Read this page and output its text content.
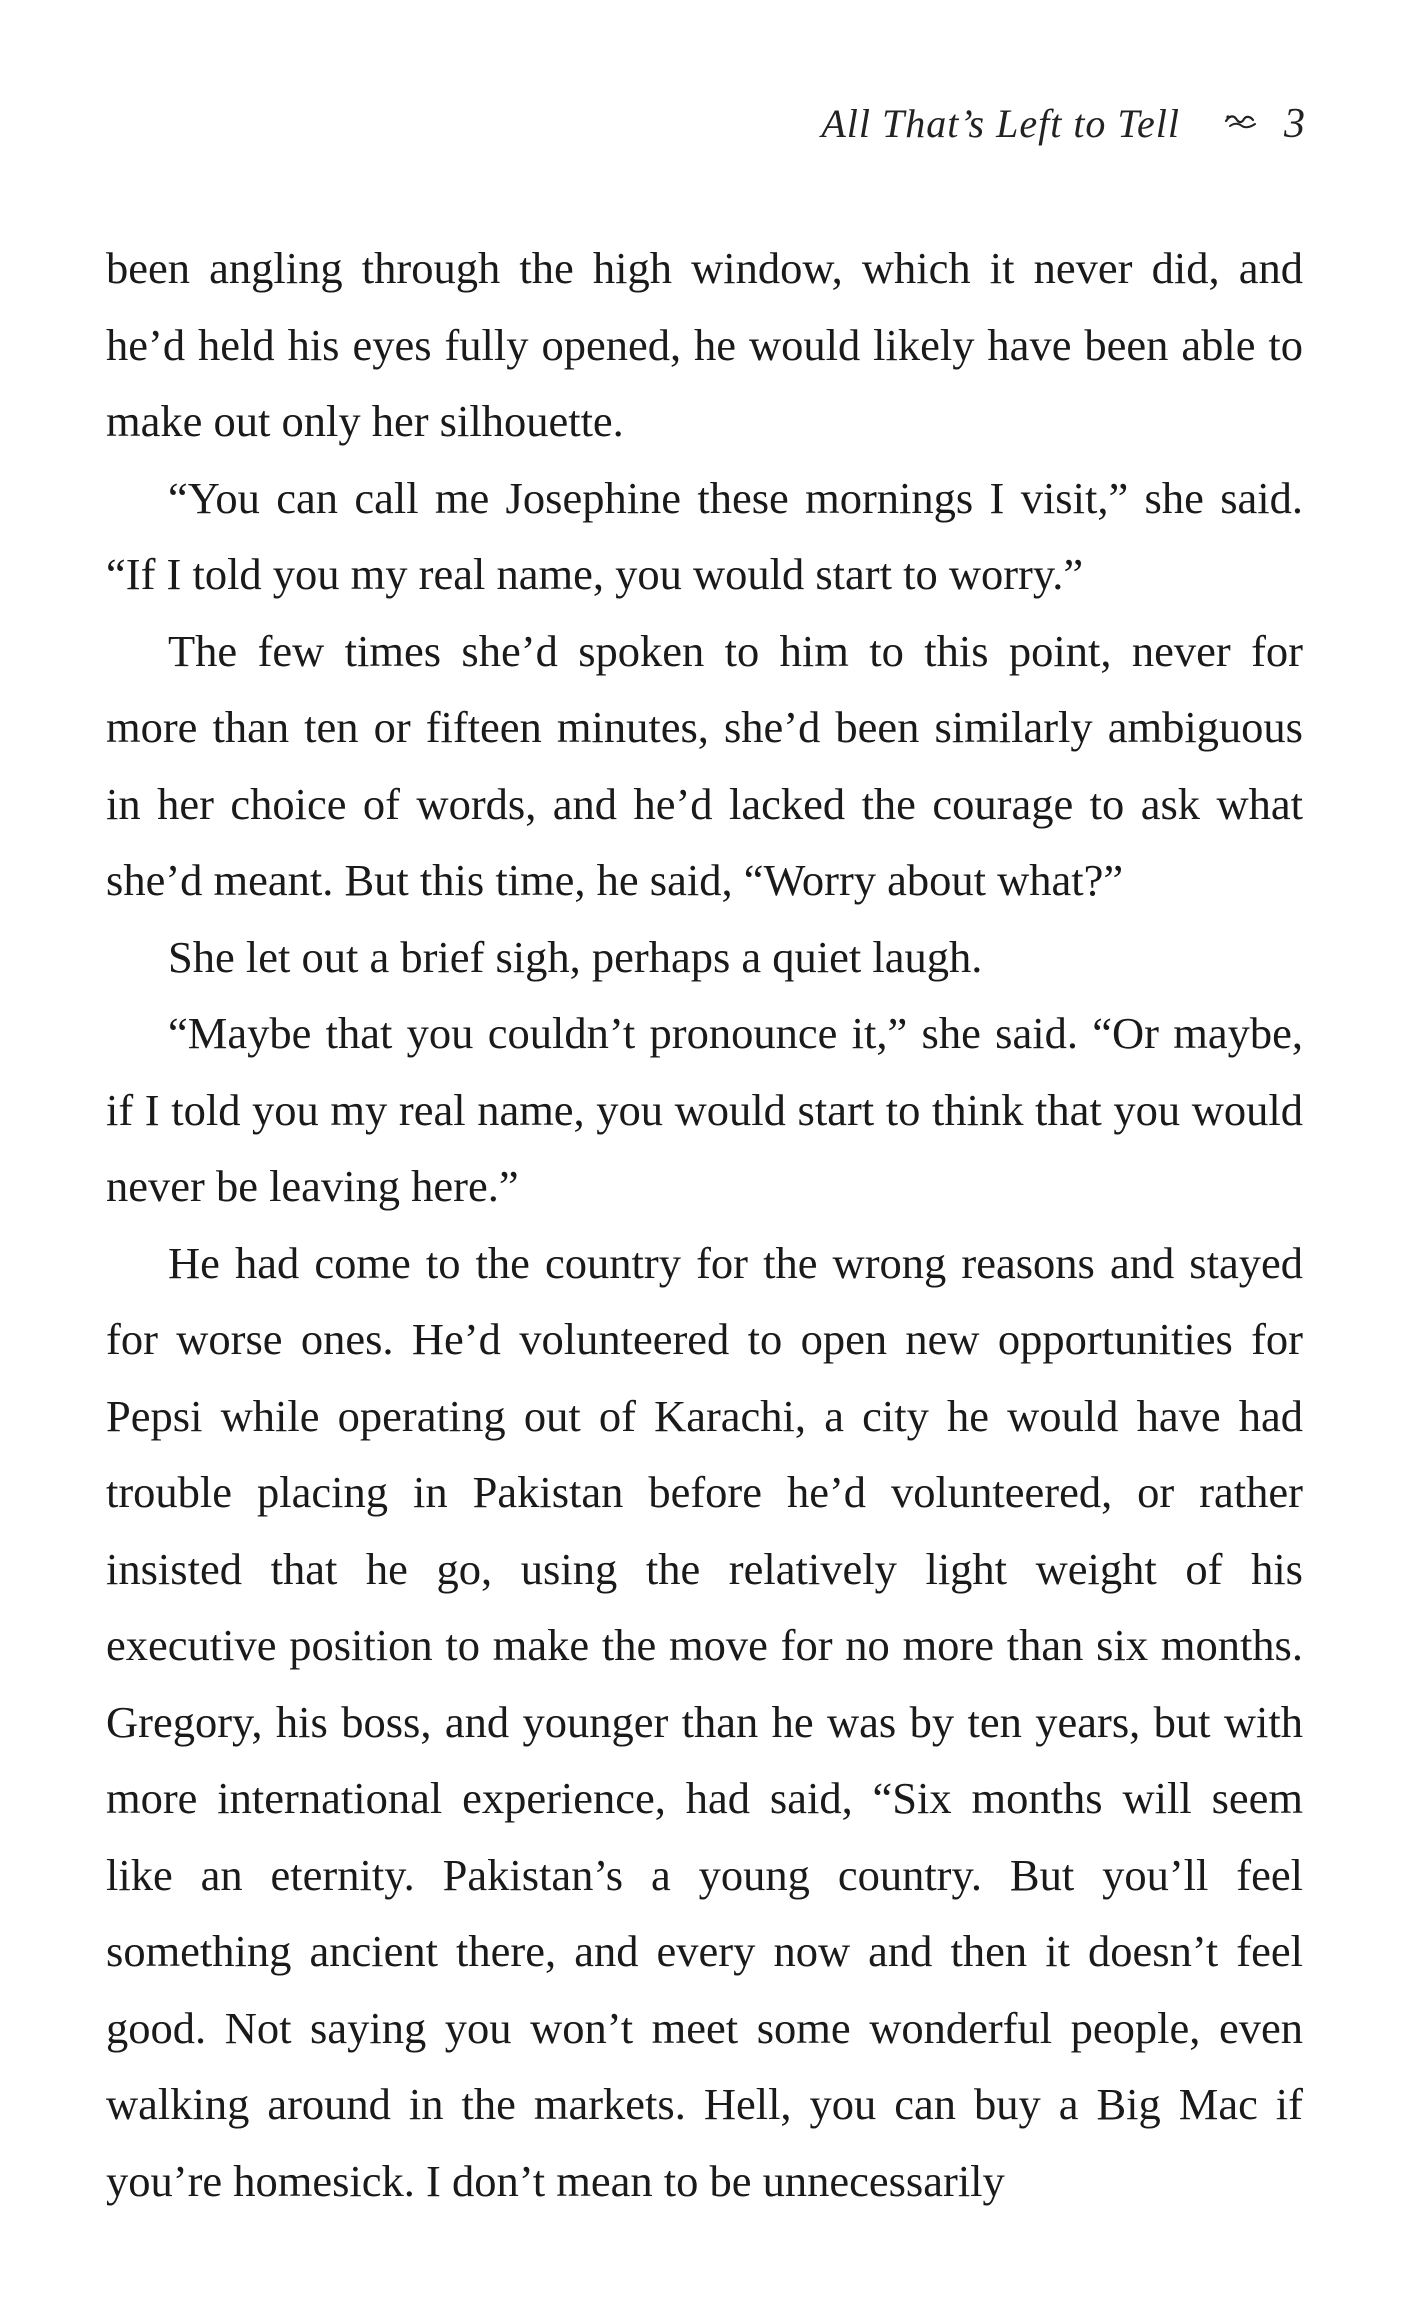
All That’s Left to Tell 3

been angling through the high window, which it never did, and he’d held his eyes fully opened, he would likely have been able to make out only her silhouette.

“You can call me Josephine these mornings I visit,” she said. “If I told you my real name, you would start to worry.”

The few times she’d spoken to him to this point, never for more than ten or fifteen minutes, she’d been similarly ambiguous in her choice of words, and he’d lacked the courage to ask what she’d meant. But this time, he said, “Worry about what?”

She let out a brief sigh, perhaps a quiet laugh.

“Maybe that you couldn’t pronounce it,” she said. “Or maybe, if I told you my real name, you would start to think that you would never be leaving here.”

He had come to the country for the wrong reasons and stayed for worse ones. He’d volunteered to open new opportunities for Pepsi while operating out of Karachi, a city he would have had trouble placing in Pakistan before he’d volunteered, or rather insisted that he go, using the relatively light weight of his executive position to make the move for no more than six months. Gregory, his boss, and younger than he was by ten years, but with more international experience, had said, “Six months will seem like an eternity. Pakistan’s a young country. But you’ll feel something ancient there, and every now and then it doesn’t feel good. Not saying you won’t meet some wonderful people, even walking around in the markets. Hell, you can buy a Big Mac if you’re homesick. I don’t mean to be unnecessarily
